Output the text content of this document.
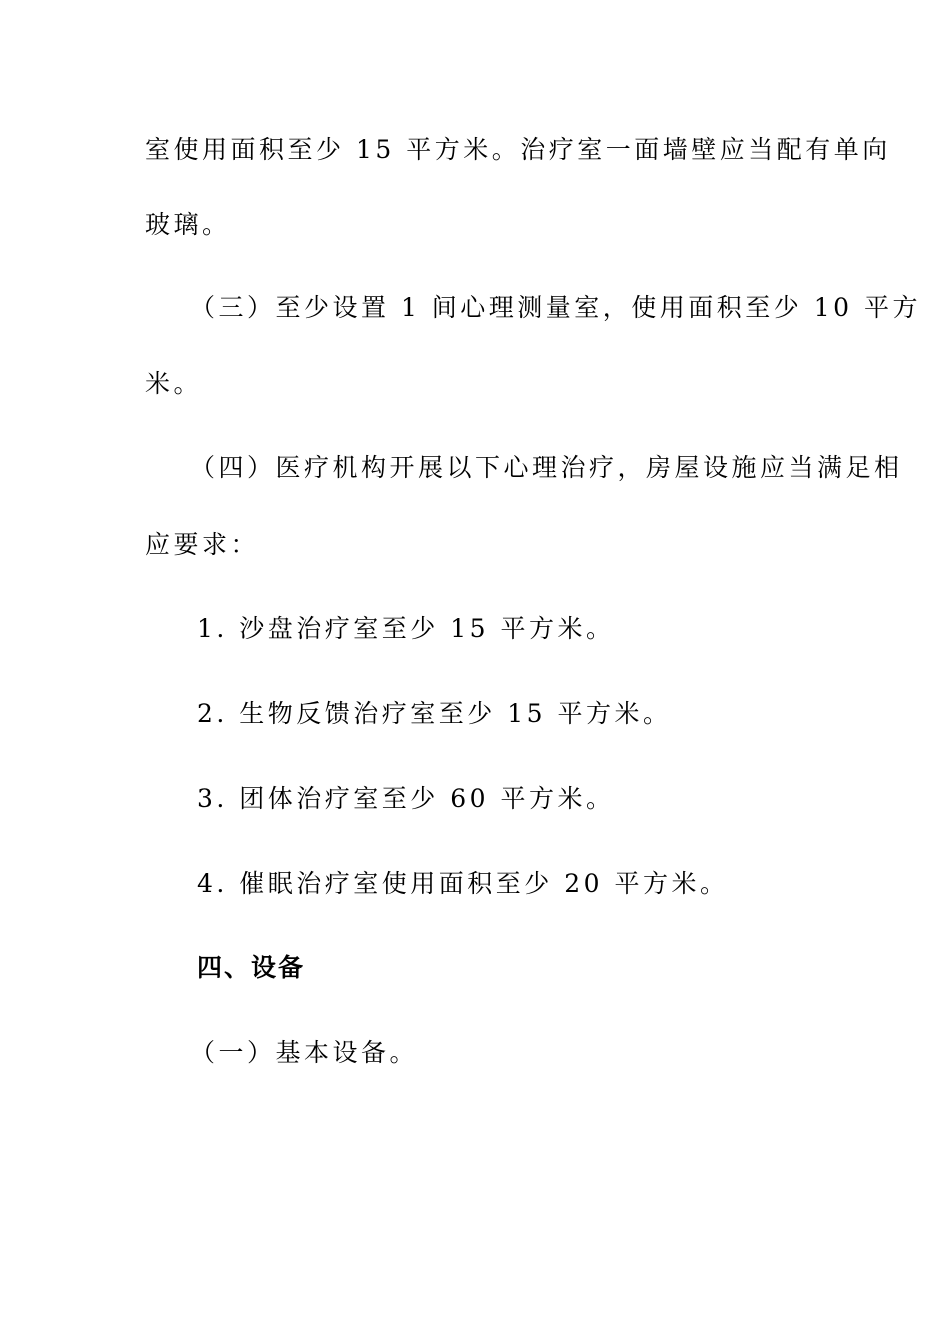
室使用面积至少 15 平方米。治疗室一面墙壁应当配有单向
玻璃。
（三）至少设置 1 间心理测量室，使用面积至少 10 平方
米。
（四）医疗机构开展以下心理治疗，房屋设施应当满足相
应要求：
1. 沙盘治疗室至少 15 平方米。
2. 生物反馈治疗室至少 15 平方米。
3. 团体治疗室至少 60 平方米。
4. 催眠治疗室使用面积至少 20 平方米。
四、设备
（一）基本设备。
